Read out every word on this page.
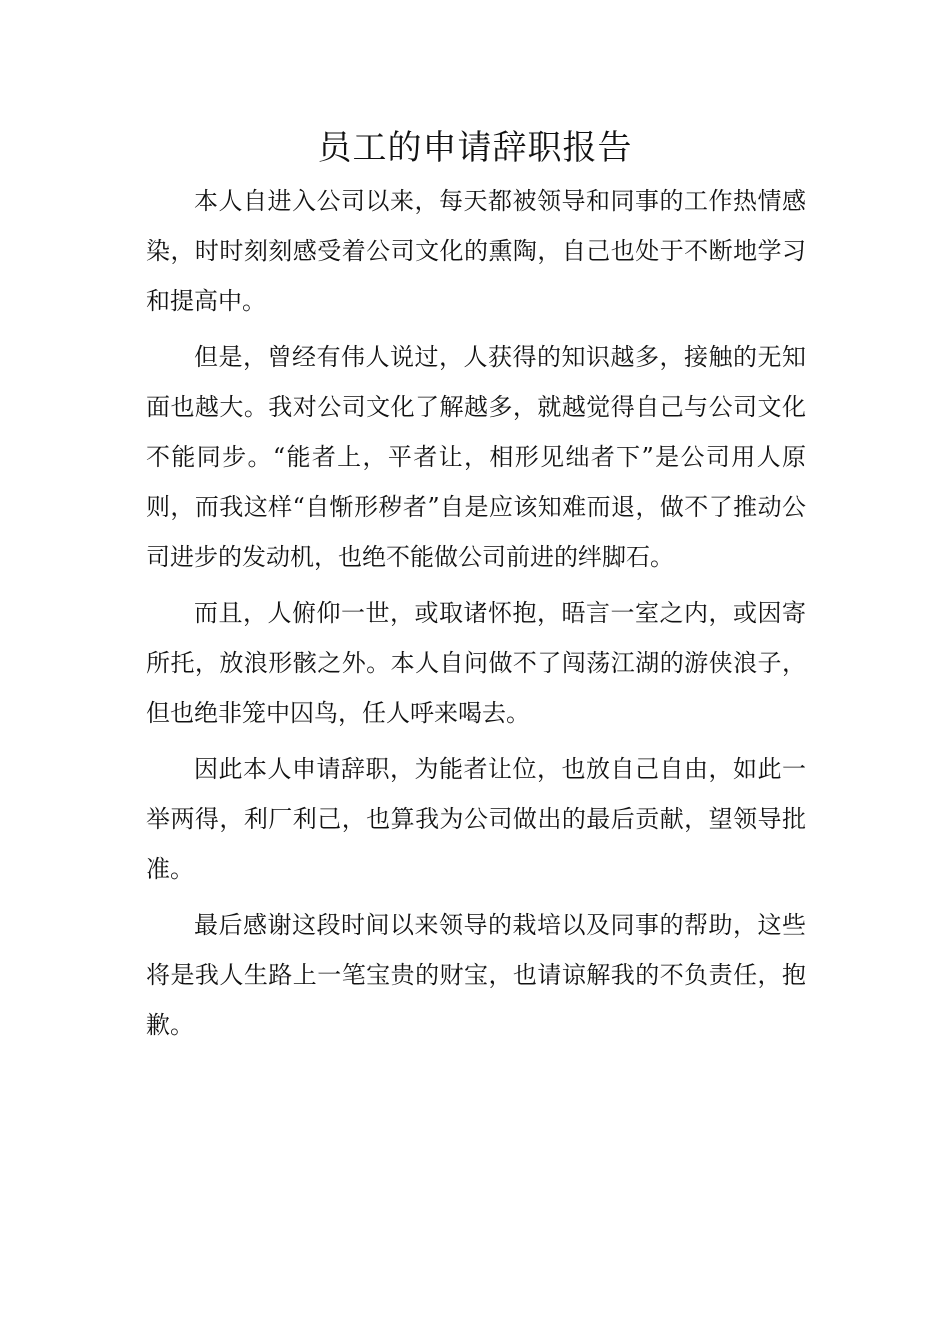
员工的申请辞职报告

本人自进入公司以来，每天都被领导和同事的工作热情感染，时时刻刻感受着公司文化的熏陶，自己也处于不断地学习和提高中。

但是，曾经有伟人说过，人获得的知识越多，接触的无知面也越大。我对公司文化了解越多，就越觉得自己与公司文化不能同步。“能者上，平者让，相形见绌者下”是公司用人原则，而我这样“自惭形秽者”自是应该知难而退，做不了推动公司进步的发动机，也绝不能做公司前进的绊脚石。

而且，人俯仰一世，或取诸怀抱，晤言一室之内，或因寄所托，放浪形骸之外。本人自问做不了闯荡江湖的游侠浪子，但也绝非笼中囚鸟，任人呼来喝去。

因此本人申请辞职，为能者让位，也放自己自由，如此一举两得，利厂利己，也算我为公司做出的最后贡献，望领导批准。

最后感谢这段时间以来领导的栽培以及同事的帮助，这些将是我人生路上一笔宝贵的财宝，也请谅解我的不负责任，抱歉。
